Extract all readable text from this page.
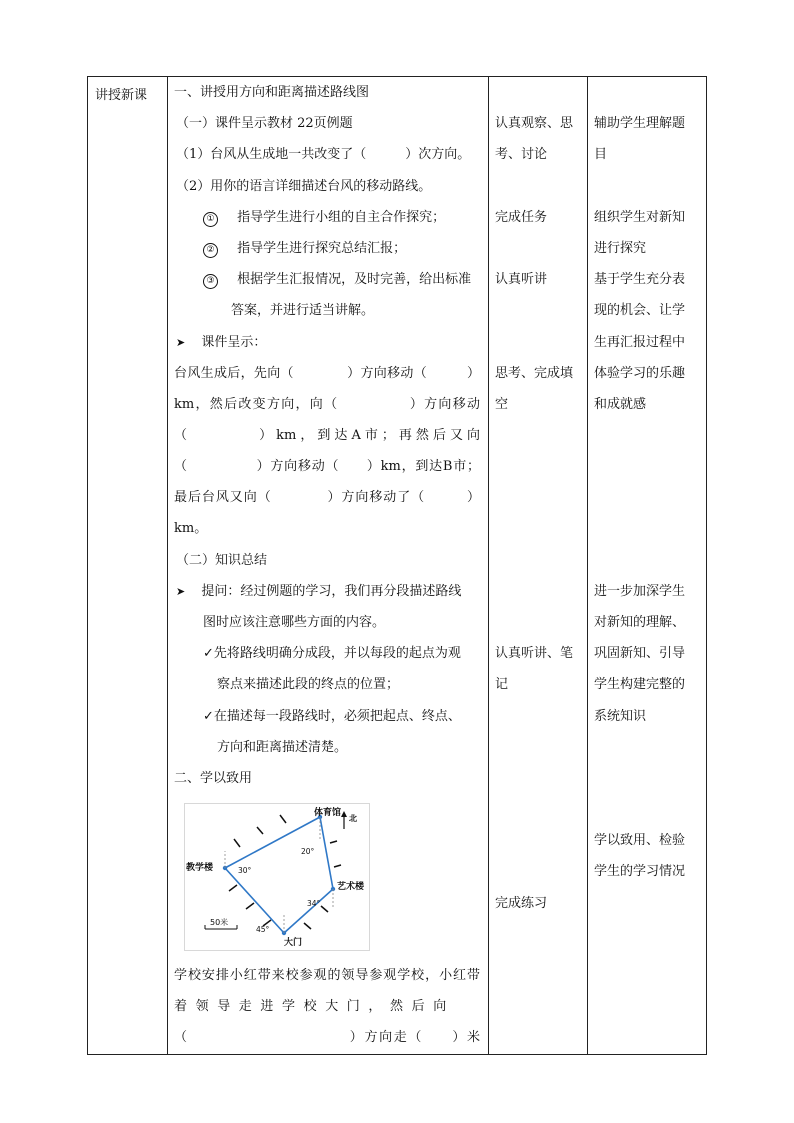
讲授新课 一、讲授用方向和距离描述路线图
（一）课件呈示教材 22页例题
（1）台风从生成地一共改变了（　　　）次方向。
（2）用你的语言详细描述台风的移动路线。
① 指导学生进行小组的自主合作探究；
② 指导学生进行探究总结汇报；
③ 根据学生汇报情况，及时完善，给出标准
答案，并进行适当讲解。
➤ 课件呈示：
台风生成后，先向（　　　　）方向移动（　　　）
km，然后改变方向，向（　　　　　）方向移动
（　　　　）km，到达A市；再然后又向
（　　　　　）方向移动（　　）km，到达B市；
最后台风又向（　　　　）方向移动了（　　　）
km。
（二）知识总结
➤ 提问：经过例题的学习，我们再分段描述路线
图时应该注意哪些方面的内容。
✓先将路线明确分成段，并以每段的起点为观
察点来描述此段的终点的位置；
✓在描述每一段路线时，必须把起点、终点、
方向和距离描述清楚。
二、学以致用
体育馆
北
教学楼
艺术楼
大门
30°
20°
34°
45°
50米
学校安排小红带来校参观的领导参观学校，小红带
着领导走进学校大门，然后向
（　　　　　　　　　　　）方向走（　　）米
认真观察、思
考、讨论
完成任务
认真听讲
思考、完成填
空
认真听讲、笔
记
完成练习
辅助学生理解题
目
组织学生对新知
进行探究
基于学生充分表
现的机会、让学
生再汇报过程中
体验学习的乐趣
和成就感
进一步加深学生
对新知的理解、
巩固新知、引导
学生构建完整的
系统知识
学以致用、检验
学生的学习情况
